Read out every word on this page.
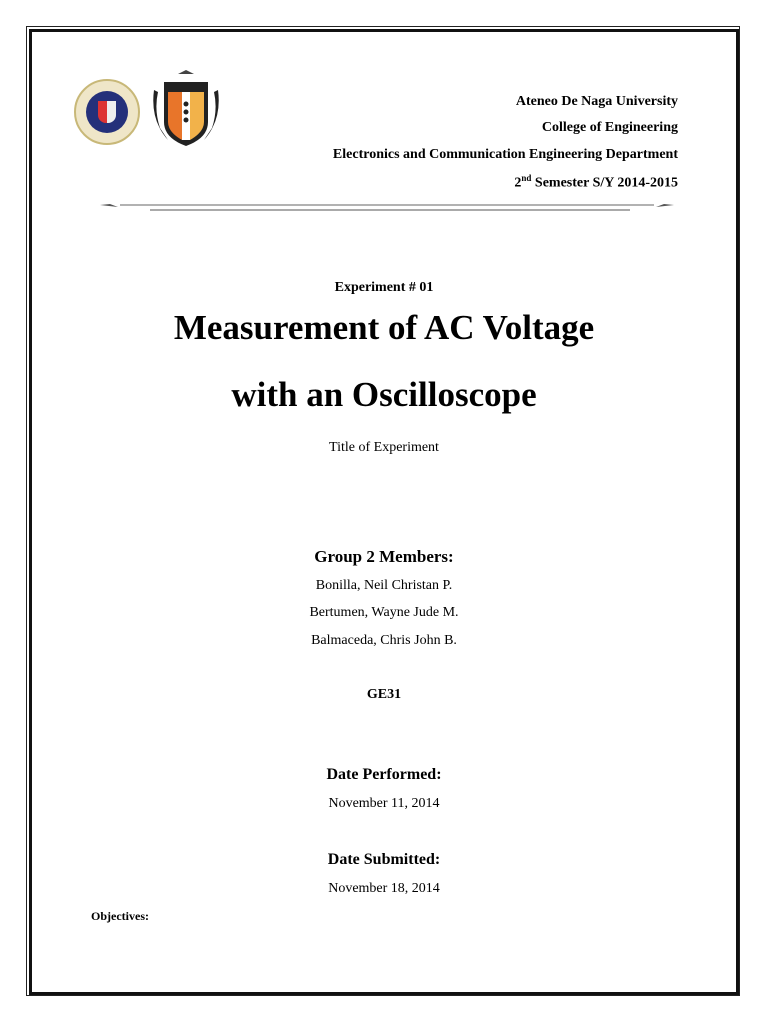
Ateneo De Naga University
College of Engineering
Electronics and Communication Engineering Department
2nd Semester S/Y 2014-2015
Experiment # 01
Measurement of AC Voltage
with an Oscilloscope
Title of Experiment
Group 2 Members:
Bonilla, Neil Christan P.
Bertumen, Wayne Jude M.
Balmaceda, Chris John B.
GE31
Date Performed:
November 11, 2014
Date Submitted:
November 18, 2014
Objectives:
